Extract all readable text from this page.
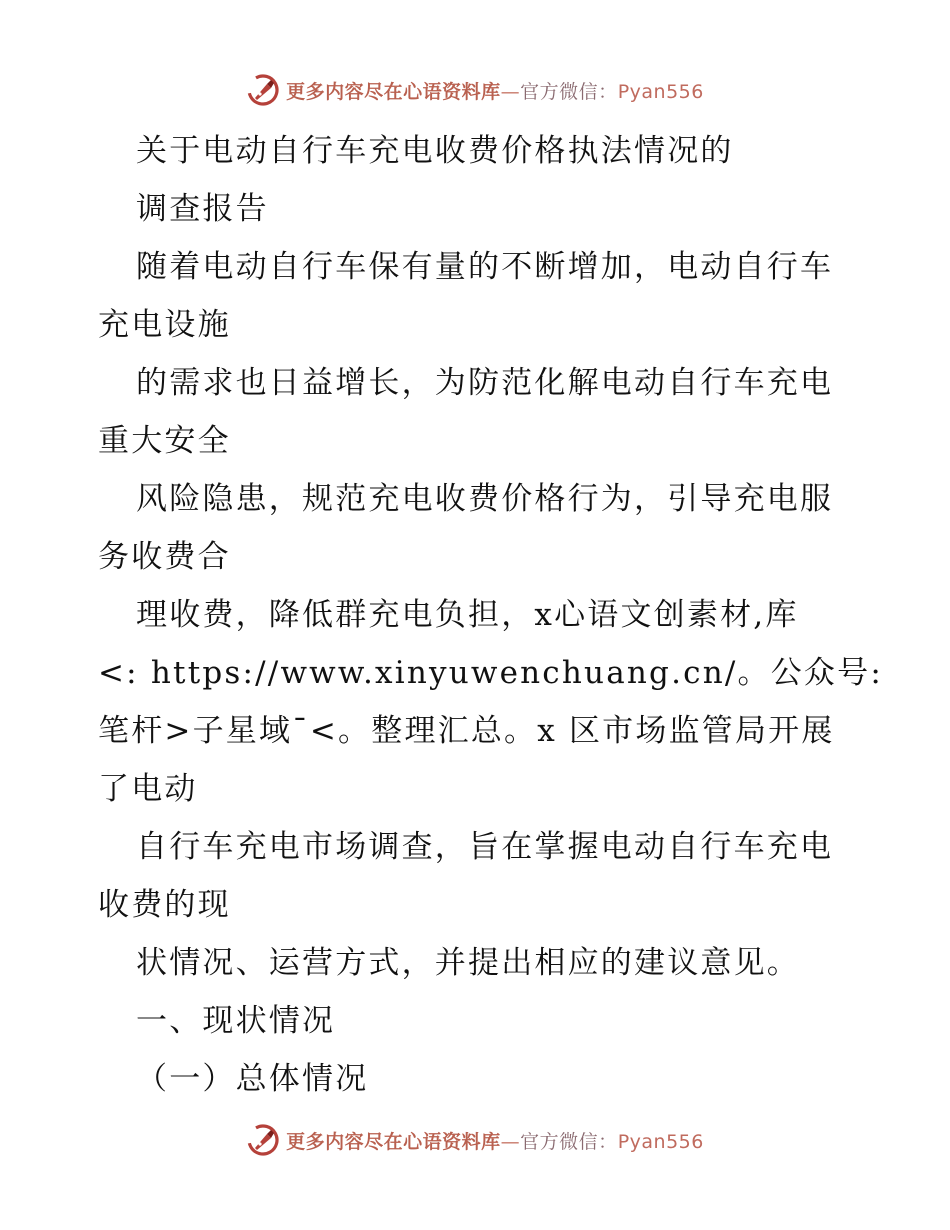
更多内容尽在心语资料库—官方微信：Pyan556
关于电动自行车充电收费价格执法情况的
调查报告
随着电动自行车保有量的不断增加，电动自行车
充电设施
的需求也日益增长，为防范化解电动自行车充电
重大安全
风险隐患，规范充电收费价格行为，引导充电服
务收费合
理收费，降低群充电负担，x心语文创素材,库
<: https://www.xinyuwenchuang.cn/。公众号:
笔杆>子星域¯<。整理汇总。x 区市场监管局开展
了电动
自行车充电市场调查，旨在掌握电动自行车充电
收费的现
状情况、运营方式，并提出相应的建议意见。
一、现状情况
（一）总体情况
更多内容尽在心语资料库—官方微信：Pyan556
